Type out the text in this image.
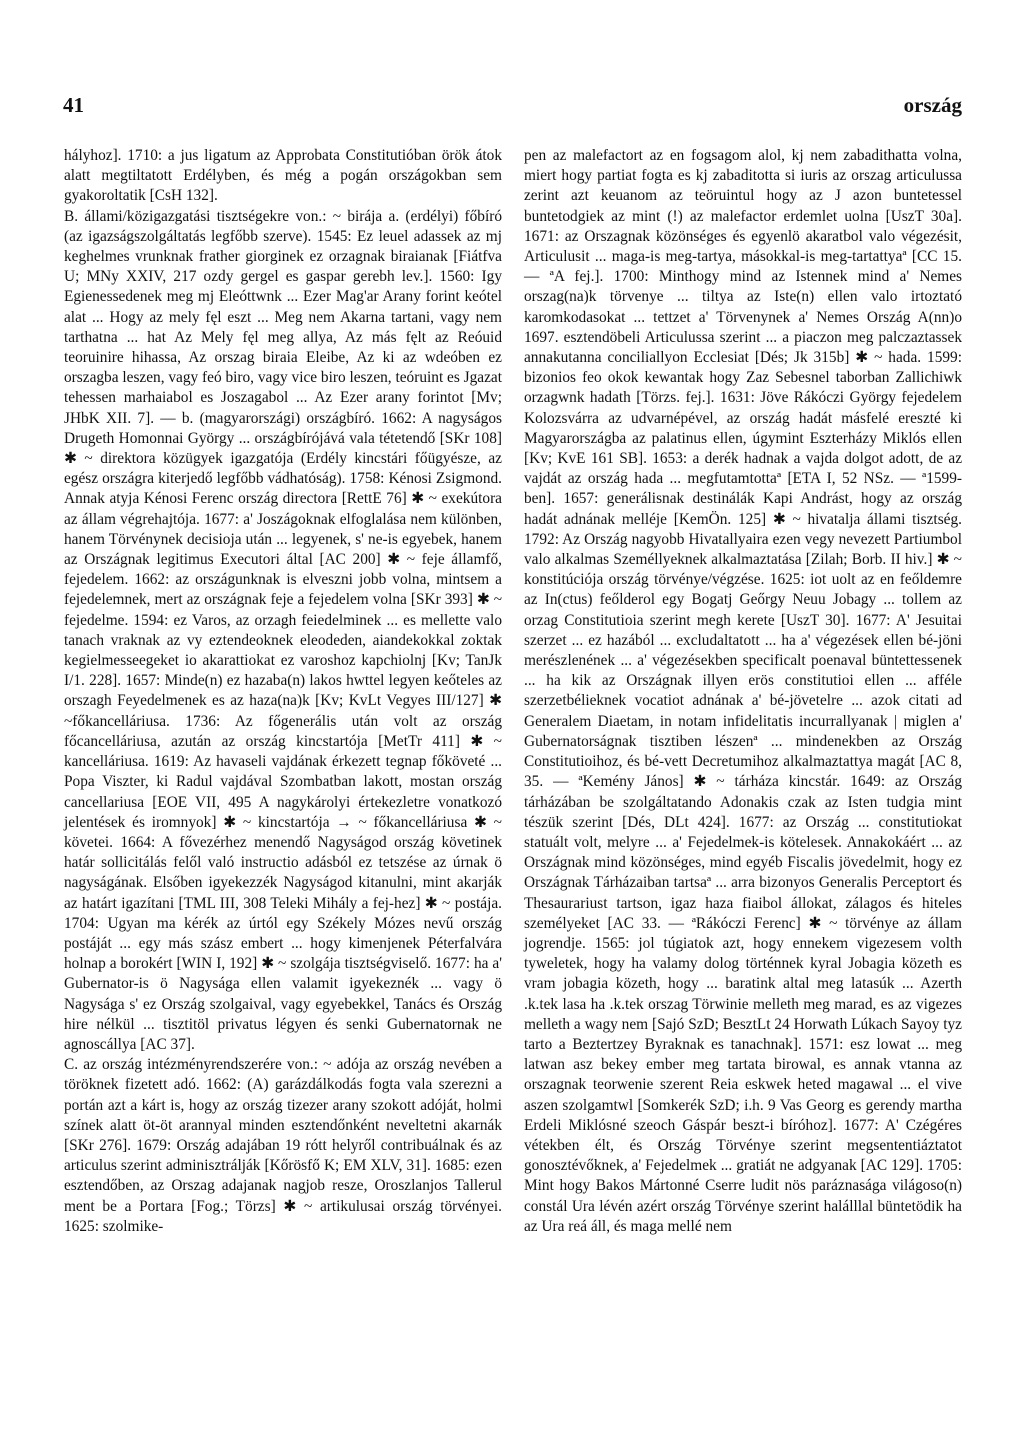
41	ország

hályhoz]. 1710: a jus ligatum az Approbata Constitutióban örök átok alatt megtiltatott Erdélyben, és még a pogán országokban sem gyakoroltatik [CsH 132].

B. állami/közigazgatási tisztségekre von.: ~ birája a. (erdélyi) főbíró (az igazságszolgáltatás legfőbb szerve). 1545: Ez leuel adassek az mj keghelmes vrunknak frather giorginek ez orzagnak biraianak [Fiátfva U; MNy XXIV, 217 ozdy gergel es gaspar gerebh lev.]. 1560: Igy Egienessedenek meg mj Eleóttwnk ... Ezer Mag'ar Arany forint keótel alat ... Hogy az mely fęl eszt ... Meg nem Akarna tartani, vagy nem tarthatna ... hat Az Mely fęl meg allya, Az más fęlt az Reóuid teoruinire hihassa, Az orszag biraia Eleibe, Az ki az wdeóben ez orszagba leszen, vagy feó biro, vagy vice biro leszen, teóruint es Jgazat tehessen marhaiabol es Joszagabol ... Az Ezer arany forintot [Mv; JHbK XII. 7]. — b. (magyarországi) országbíró. 1662: A nagyságos Drugeth Homonnai György ... országbírójává vala tétetendő [SKr 108] ✱ ~ direktora közügyek igazgatója (Erdély kincstári főügyésze, az egész országra kiterjedő legfőbb vádhatóság). 1758: Kénosi Zsigmond. Annak atyja Kénosi Ferenc ország directora [RettE 76] ✱ ~ exekútora az állam végrehajtója. 1677: a' Joszágoknak elfoglalása nem különben, hanem Törvénynek decisioja után ... legyenek, s' ne-is egyebek, hanem az Országnak legitimus Executori által [AC 200] ✱ ~ feje államfő, fejedelem. 1662: az országunknak is elveszni jobb volna, mintsem a fejedelemnek, mert az országnak feje a fejedelem volna [SKr 393] ✱ ~ fejedelme. 1594: ez Varos, az orzagh feiedelminek ... es mellette valo tanach vraknak az vy eztendeoknek eleodeden, aiandekokkal zoktak kegielmesseegeket io akarattiokat ez varoshoz kapchiolnj [Kv; TanJk I/1. 228]. 1657: Minde(n) ez hazaba(n) lakos hwttel legyen keőteles az orszagh Feyedelmenek es az haza(na)k [Kv; KvLt Vegyes III/127] ✱ ~főkancelláriusa. 1736: Az főgenerális után volt az ország főcancelláriusa, azután az ország kincstartója [MetTr 411] ✱ ~ kancelláriusa. 1619: Az havaseli vajdának érkezett tegnap főköveté ... Popa Viszter, ki Radul vajdával Szombatban lakott, mostan ország cancellariusa [EOE VII, 495 A nagykárolyi értekezletre vonatkozó jelentések és iromnyok] ✱ ~ kincstartója → ~ főkancelláriusa ✱ ~ követei. 1664: A fővezérhez menendő Nagyságod ország követinek határ sollicitálás felől való instructio adásból ez tetszése az úrnak ö nagyságának. Elsőben igyekezzék Nagyságod kitanulni, mint akarják az határt igazítani [TML III, 308 Teleki Mihály a fej-hez] ✱ ~ postája. 1704: Ugyan ma kérék az úrtól egy Székely Mózes nevű ország postáját ... egy más szász embert ... hogy kimenjenek Péterfalvára holnap a borokért [WIN I, 192] ✱ ~ szolgája tisztségviselő. 1677: ha a' Gubernator-is ö Nagysága ellen valamit igyekeznék ... vagy ö Nagysága s' ez Ország szolgaival, vagy egyebekkel, Tanács és Ország hire nélkül ... tisztitöl privatus légyen és senki Gubernatornak ne agnoscállya [AC 37].

C. az ország intézményrendszerére von.: ~ adója az ország nevében a töröknek fizetett adó. 1662: (A) garázdálkodás fogta vala szerezni a portán azt a kárt is, hogy az ország tizezer arany szokott adóját, holmi színek alatt öt-öt arannyal minden esztendőnként neveltetni akarnák [SKr 276]. 1679: Ország adajában 19 rótt helyről contribuálnak és az articulus szerint adminisztrálják [Kőrösfő K; EM XLV, 31]. 1685: ezen esztendőben, az Orszag adajanak nagjob resze, Oroszlanjos Tallerul ment be a Portara [Fog.; Törzs] ✱ ~ artikulusai ország törvényei. 1625: szolmike-

pen az malefactort az en fogsagom alol, kj nem zabadithatta volna, miert hogy partiat fogta es kj zabaditotta si iuris az orszag articulussa zerint azt keuanom az teöruintul hogy az J azon buntetessel buntetodgiek az mint (!) az malefactor erdemlet uolna [UszT 30a]. 1671: az Orszagnak közönséges és egyenlö akaratbol valo végezésit, Articulusit ... maga-is meg-tartya, másokkal-is meg-tartattyaª [CC 15. — ªA fej.]. 1700: Minthogy mind az Istennek mind a' Nemes orszag(na)k törvenye ... tiltya az Iste(n) ellen valo irtoztató karomkodasokat ... tettzet a' Törvenynek a' Nemes Ország A(nn)o 1697. esztendöbeli Articulussa szerint ... a piaczon meg palczaztassek annakutanna conciliallyon Ecclesiat [Dés; Jk 315b] ✱ ~ hada. 1599: bizonios feo okok kewantak hogy Zaz Sebesnel taborban Zallichiwk orzagwnk hadath [Törzs. fej.]. 1631: Jöve Rákóczi György fejedelem Kolozsvárra az udvarnépével, az ország hadát másfelé ereszté ki Magyarországba az palatinus ellen, úgymint Eszterházy Miklós ellen [Kv; KvE 161 SB]. 1653: a derék hadnak a vajda dolgot adott, de az vajdát az ország hada ... megfutamtottaª [ETA I, 52 NSz. — ª1599-ben]. 1657: generálisnak destinálák Kapi Andrást, hogy az ország hadát adnának melléje [KemÖn. 125] ✱ ~ hivatalja állami tisztség. 1792: Az Ország nagyobb Hivatallyaira ezen vegy nevezett Partiumbol valo alkalmas Személlyeknek alkalmaztatása [Zilah; Borb. II hiv.] ✱ ~ konstitúciója ország törvénye/végzése. 1625: iot uolt az en feőldemre az In(ctus) feőlderol egy Bogatj Geőrgy Neuu Jobagy ... tollem az orzag Constitutioia szerint megh kerete [UszT 30]. 1677: A' Jesuitai szerzet ... ez hazából ... excludaltatott ... ha a' végezések ellen bé-jöni merészlenének ... a' végezésekben specificalt poenaval büntettessenek ... ha kik az Országnak illyen erös constitutioi ellen ... afféle szerzetbélieknek vocatiot adnának a' bé-jövetelre ... azok citati ad Generalem Diaetam, in notam infidelitatis incurrallyanak | miglen a' Gubernatorságnak tisztiben lészenª ... mindenekben az Ország Constitutioihoz, és bé-vett Decretumihoz alkalmaztattya magát [AC 8, 35. — ªKemény János] ✱ ~ tárháza kincstár. 1649: az Ország tárházában be szolgáltatando Adonakis czak az Isten tudgia mint tészük szerint [Dés, DLt 424]. 1677: az Ország ... constitutiokat statuált volt, melyre ... a' Fejedelmek-is kötelesek. Annakokáért ... az Országnak mind közönséges, mind egyéb Fiscalis jövedelmit, hogy ez Országnak Tárházaiban tartsaª ... arra bizonyos Generalis Perceptort és Thesaurariust tartson, igaz haza fiaibol állokat, zálagos és hiteles személyeket [AC 33. — ªRákóczi Ferenc] ✱ ~ törvénye az állam jogrendje. 1565: jol túgiatok azt, hogy ennekem vigezesem volth tyweletek, hogy ha valamy dolog történnek kyral Jobagia közeth es vram jobagia közeth, hogy ... baratink altal meg latasúk ... Azerth .k.tek lasa ha .k.tek orszag Törwinie melleth meg marad, es az vigezes melleth a wagy nem [Sajó SzD; BesztLt 24 Horwath Lúkach Sayoy tyz tarto a Beztertzey Byraknak es tanachnak]. 1571: esz lowat ... meg latwan asz bekey ember meg tartata birowal, es annak vtanna az orszagnak teorwenie szerent Reia eskwek heted magawal ... el vive aszen szolgamtwl [Somkerék SzD; i.h. 9 Vas Georg es gerendy martha Erdeli Miklósné szeoch Gáspár beszt-i bíróhoz]. 1677: A' Czégéres vétekben élt, és Ország Törvénye szerint megsententiáztatot gonosztévőknek, a' Fejedelmek ... gratiát ne adgyanak [AC 129]. 1705: Mint hogy Bakos Mártonné Cserre ludit nös paráznasága világoso(n) constál Ura lévén azért ország Törvénye szerint halálllal büntetödik ha az Ura reá áll, és maga mellé nem
